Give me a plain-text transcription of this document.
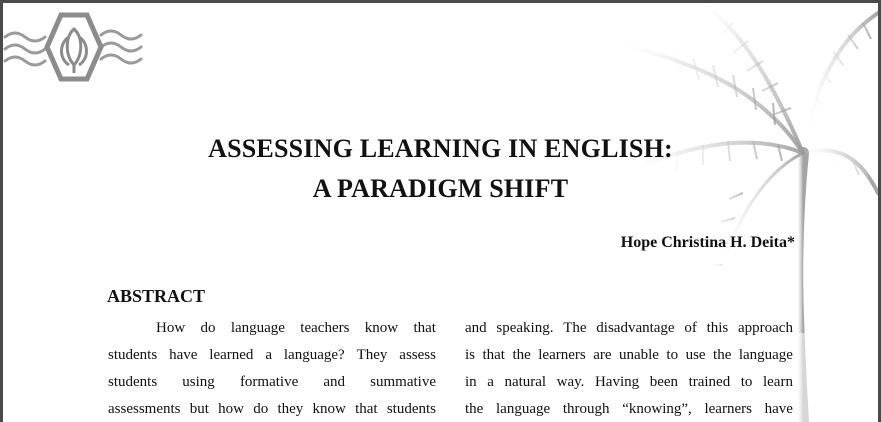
ASSESSING LEARNING IN ENGLISH:
A PARADIGM SHIFT
Hope Christina H. Deita*
ABSTRACT
How do language teachers know that
students have learned a language? They assess
students using formative and summative
assessments but how do they know that students
and speaking. The disadvantage of this approach
is that the learners are unable to use the language
in a natural way. Having been trained to learn
the language through “knowing”, learners have
